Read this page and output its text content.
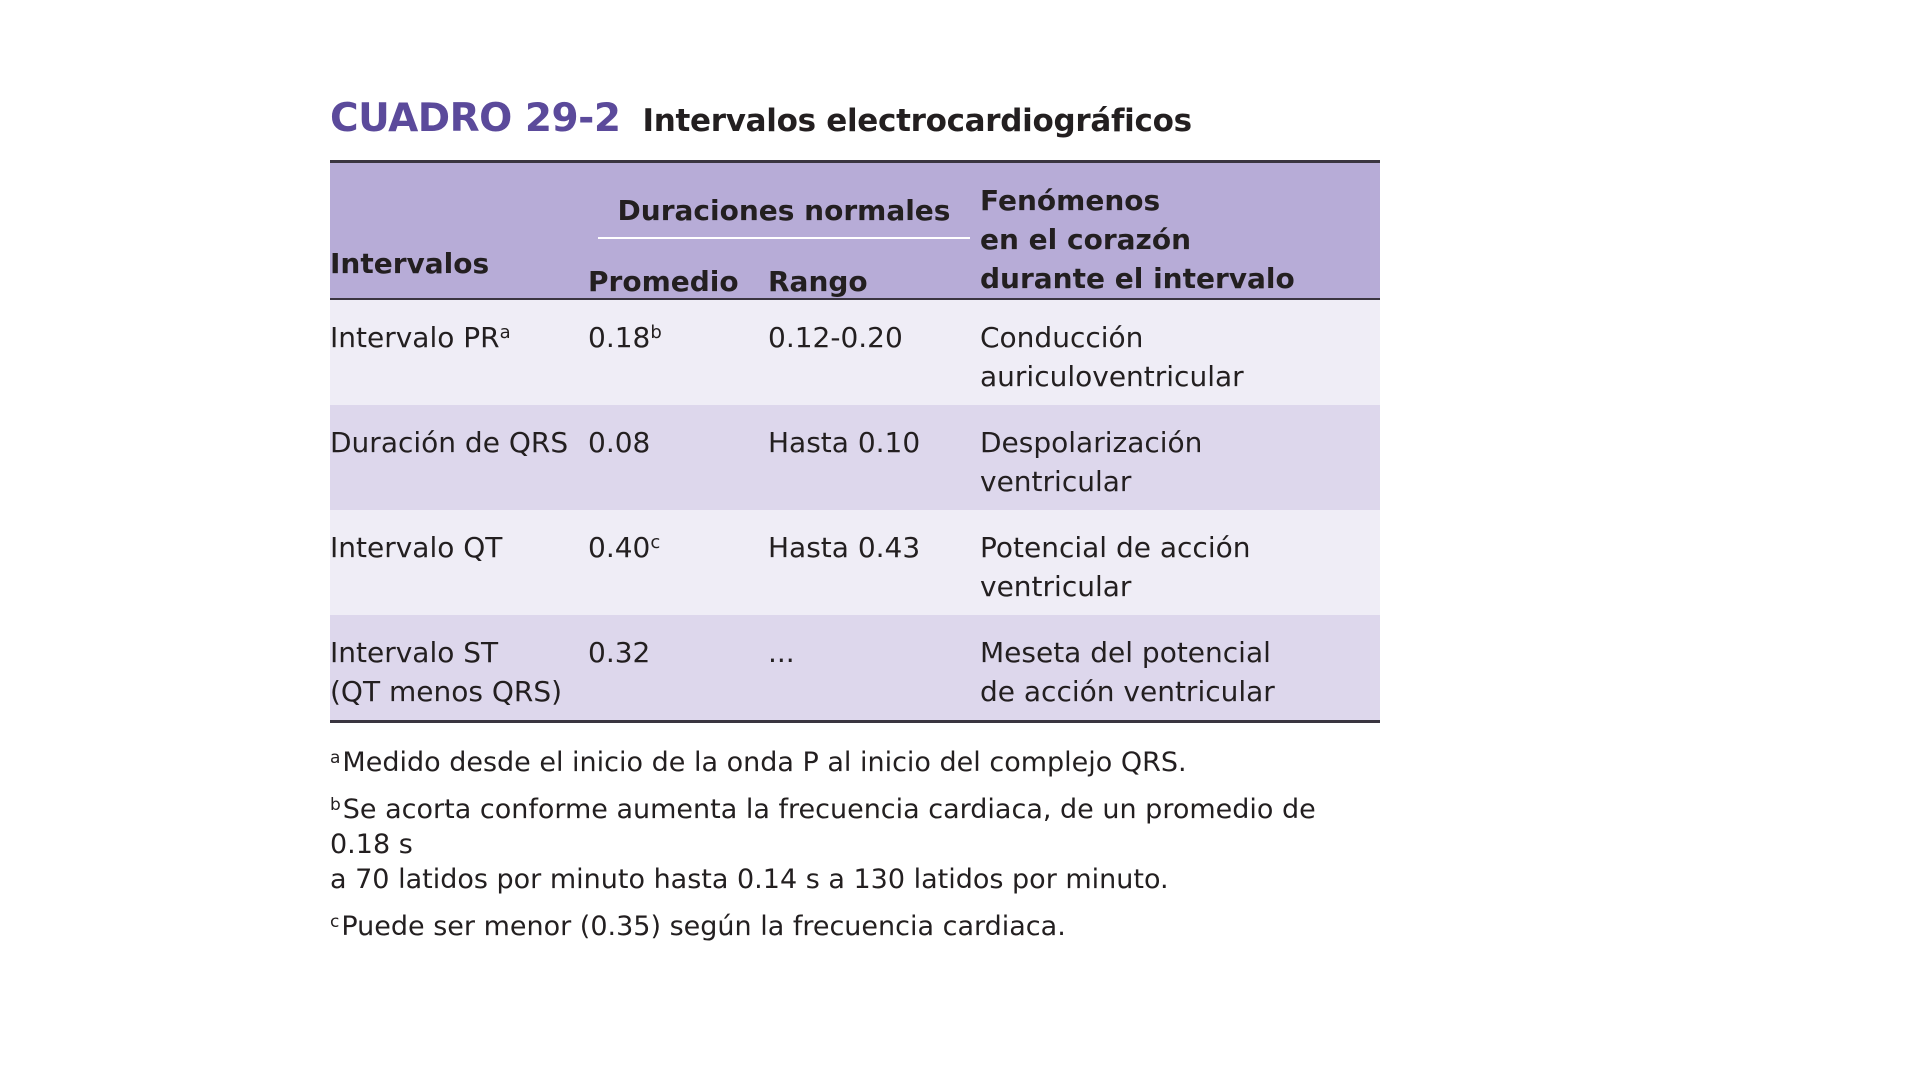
CUADRO 29-2 Intervalos electrocardiográficos
Intervalos	Duraciones normales		Fenómenos
en el corazón
durante el intervalo
	Promedio	Rango	
Intervalo $PR^a$	0.18$^b$	0.12-0.20	Conducción
auriculoventricular
Duración de QRS	0.08	Hasta 0.10	Despolarización
ventricular
Intervalo QT	0.40$^c$	Hasta 0.43	Potencial de acción
ventricular
Intervalo ST
(QT menos QRS)	0.32	...	Meseta del potencial
de acción ventricular

$^a$Medido desde el inicio de la onda P al inicio del complejo QRS.

$^b$Se acorta conforme aumenta la frecuencia cardiaca, de un promedio de 0.18 s
a 70 latidos por minuto hasta 0.14 s a 130 latidos por minuto.

$^c$Puede ser menor (0.35) según la frecuencia cardiaca.
